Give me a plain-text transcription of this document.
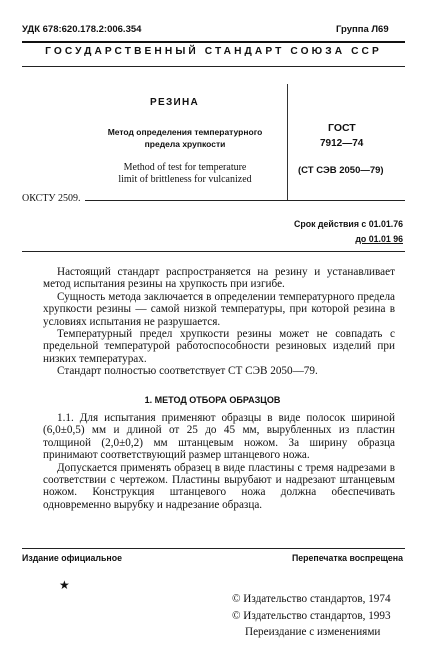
УДК 678:620.178.2:006.354	Группа Л69
ГОСУДАРСТВЕННЫЙ СТАНДАРТ СОЮЗА ССР
РЕЗИНА
Метод определения температурного
предела хрупкости
Method of test for temperature
limit of brittleness for vulcanized
ГОСТ
7912—74
(СТ СЭВ 2050—79)
ОКСТУ 2509.
Срок действия с 01.01.76
до 01.01 96

Настоящий стандарт распространяется на резину и устанавливает метод испытания резины на хрупкость при изгибе.

Сущность метода заключается в определении температурного предела хрупкости резины — самой низкой температуры, при которой резина в условиях испытания не разрушается.

Температурный предел хрупкости резины может не совпадать с предельной температурой работоспособности резиновых изделий при низких температурах.

Стандарт полностью соответствует СТ СЭВ 2050—79.

1. МЕТОД ОТБОРА ОБРАЗЦОВ

1.1. Для испытания применяют образцы в виде полосок шириной (6,0±0,5) мм и длиной от 25 до 45 мм, вырубленных из пластин толщиной (2,0±0,2) мм штанцевым ножом. За ширину образца принимают соответствующий размер штанцевого ножа.

Допускается применять образец в виде пластины с тремя надрезами в соответствии с чертежом. Пластины вырубают и надрезают штанцевым ножом. Конструкция штанцевого ножа должна обеспечивать одновременно вырубку и надрезание образца.

Издание официальное	Перепечатка воспрещена
★
© Издательство стандартов, 1974
© Издательство стандартов, 1993
Переиздание с изменениями
